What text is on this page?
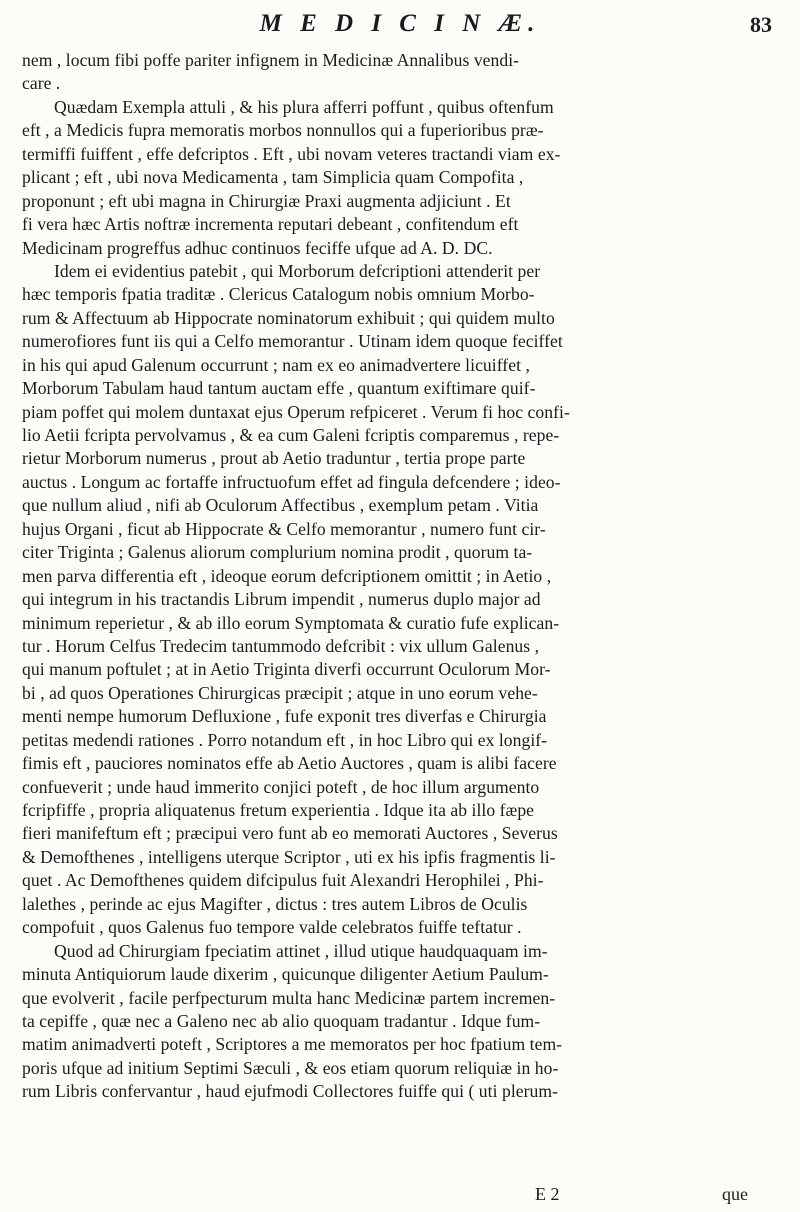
M E D I C I N Æ.	83
nem , locum fibi poffe pariter infignem in Medicinæ Annalibus vendi-
care .
Quædam Exempla attuli , & his plura afferri poffunt , quibus oftenfum
eft , a Medicis fupra memoratis morbos nonnullos qui a fuperioribus præ-
termiffi fuiffent , effe defcriptos . Eft , ubi novam veteres tractandi viam ex-
plicant ; eft , ubi nova Medicamenta , tam Simplicia quam Compofita ,
proponunt ; eft ubi magna in Chirurgiæ Praxi augmenta adjiciunt . Et
fi vera hæc Artis noftræ incrementa reputari debeant , confitendum eft
Medicinam progreffus adhuc continuos feciffe ufque ad A. D. DC.
Idem ei evidentius patebit , qui Morborum defcriptioni attenderit per
hæc temporis fpatia traditæ . Clericus Catalogum nobis omnium Morbo-
rum & Affectuum ab Hippocrate nominatorum exhibuit ; qui quidem multo
numerofiores funt iis qui a Celfo memorantur . Utinam idem quoque feciffet
in his qui apud Galenum occurrunt ; nam ex eo animadvertere licuiffet ,
Morborum Tabulam haud tantum auctam effe , quantum exiftimare quif-
piam poffet qui molem duntaxat ejus Operum refpiceret . Verum fi hoc confi-
lio Aetii fcripta pervolvamus , & ea cum Galeni fcriptis comparemus , repe-
rietur Morborum numerus , prout ab Aetio traduntur , tertia prope parte
auctus . Longum ac fortaffe infructuofum effet ad fingula defcendere ; ideo-
que nullum aliud , nifi ab Oculorum Affectibus , exemplum petam . Vitia
hujus Organi , ficut ab Hippocrate & Celfo memorantur , numero funt cir-
citer Triginta ; Galenus aliorum complurium nomina prodit , quorum ta-
men parva differentia eft , ideoque eorum defcriptionem omittit ; in Aetio ,
qui integrum in his tractandis Librum impendit , numerus duplo major ad
minimum reperietur , & ab illo eorum Symptomata & curatio fufe explican-
tur . Horum Celfus Tredecim tantummodo defcribit : vix ullum Galenus ,
qui manum poftulet ; at in Aetio Triginta diverfi occurrunt Oculorum Mor-
bi , ad quos Operationes Chirurgicas præcipit ; atque in uno eorum vehe-
menti nempe humorum Defluxione , fufe exponit tres diverfas e Chirurgia
petitas medendi rationes . Porro notandum eft , in hoc Libro qui ex longif-
fimis eft , pauciores nominatos effe ab Aetio Auctores , quam is alibi facere
confueverit ; unde haud immerito conjici poteft , de hoc illum argumento
fcripfiffe , propria aliquatenus fretum experientia . Idque ita ab illo fæpe
fieri manifeftum eft ; præcipui vero funt ab eo memorati Auctores , Severus
& Demofthenes , intelligens uterque Scriptor , uti ex his ipfis fragmentis li-
quet . Ac Demofthenes quidem difcipulus fuit Alexandri Herophilei , Phi-
lalethes , perinde ac ejus Magifter , dictus : tres autem Libros de Oculis
compofuit , quos Galenus fuo tempore valde celebratos fuiffe teftatur .
Quod ad Chirurgiam fpeciatim attinet , illud utique haudquaquam im-
minuta Antiquiorum laude dixerim , quicunque diligenter Aetium Paulum-
que evolverit , facile perfpecturum multa hanc Medicinæ partem incremen-
ta cepiffe , quæ nec a Galeno nec ab alio quoquam tradantur . Idque fum-
matim animadverti poteft , Scriptores a me memoratos per hoc fpatium tem-
poris ufque ad initium Septimi Sæculi , & eos etiam quorum reliquiæ in ho-
rum Libris confervantur , haud ejufmodi Collectores fuiffe qui ( uti plerum-
E 2	que
